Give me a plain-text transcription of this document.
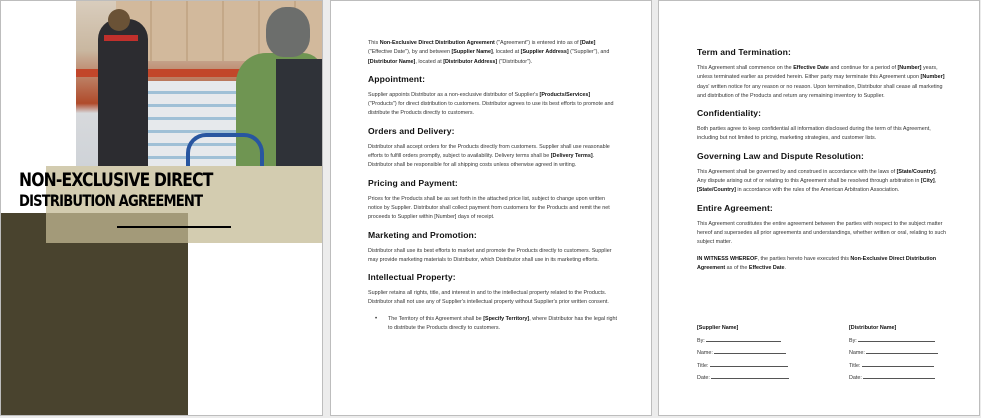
NON-EXCLUSIVE DIRECT
DISTRIBUTION AGREEMENT

This Non-Exclusive Direct Distribution Agreement ("Agreement") is entered into as of [Date] ("Effective Date"), by and between [Supplier Name], located at [Supplier Address] ("Supplier"), and [Distributor Name], located at [Distributor Address] ("Distributor").

Appointment:

Supplier appoints Distributor as a non-exclusive distributor of Supplier's [Products/Services] ("Products") for direct distribution to customers. Distributor agrees to use its best efforts to promote and distribute the Products directly to customers.

Orders and Delivery:

Distributor shall accept orders for the Products directly from customers. Supplier shall use reasonable efforts to fulfill orders promptly, subject to availability. Delivery terms shall be [Delivery Terms]. Distributor shall be responsible for all shipping costs unless otherwise agreed in writing.

Pricing and Payment:

Prices for the Products shall be as set forth in the attached price list, subject to change upon written notice by Supplier. Distributor shall collect payment from customers for the Products and remit the net proceeds to Supplier within [Number] days of receipt.

Marketing and Promotion:

Distributor shall use its best efforts to market and promote the Products directly to customers. Supplier may provide marketing materials to Distributor, which Distributor shall use in its marketing efforts.

Intellectual Property:

Supplier retains all rights, title, and interest in and to the intellectual property related to the Products. Distributor shall not use any of Supplier's intellectual property without Supplier's prior written consent.

• The Territory of this Agreement shall be [Specify Territory], where Distributor has the legal right to distribute the Products directly to customers.

Term and Termination:

This Agreement shall commence on the Effective Date and continue for a period of [Number] years, unless terminated earlier as provided herein. Either party may terminate this Agreement upon [Number] days' written notice for any reason or no reason. Upon termination, Distributor shall cease all marketing and distribution of the Products and return any remaining inventory to Supplier.

Confidentiality:

Both parties agree to keep confidential all information disclosed during the term of this Agreement, including but not limited to pricing, marketing strategies, and customer lists.

Governing Law and Dispute Resolution:

This Agreement shall be governed by and construed in accordance with the laws of [State/Country]. Any dispute arising out of or relating to this Agreement shall be resolved through arbitration in [City], [State/Country] in accordance with the rules of the American Arbitration Association.

Entire Agreement:

This Agreement constitutes the entire agreement between the parties with respect to the subject matter hereof and supersedes all prior agreements and understandings, whether written or oral, relating to such subject matter.

IN WITNESS WHEREOF, the parties hereto have executed this Non-Exclusive Direct Distribution Agreement as of the Effective Date.

[Supplier Name]
By:
Name:
Title:
Date:
[Distributor Name]
By:
Name:
Title:
Date:
